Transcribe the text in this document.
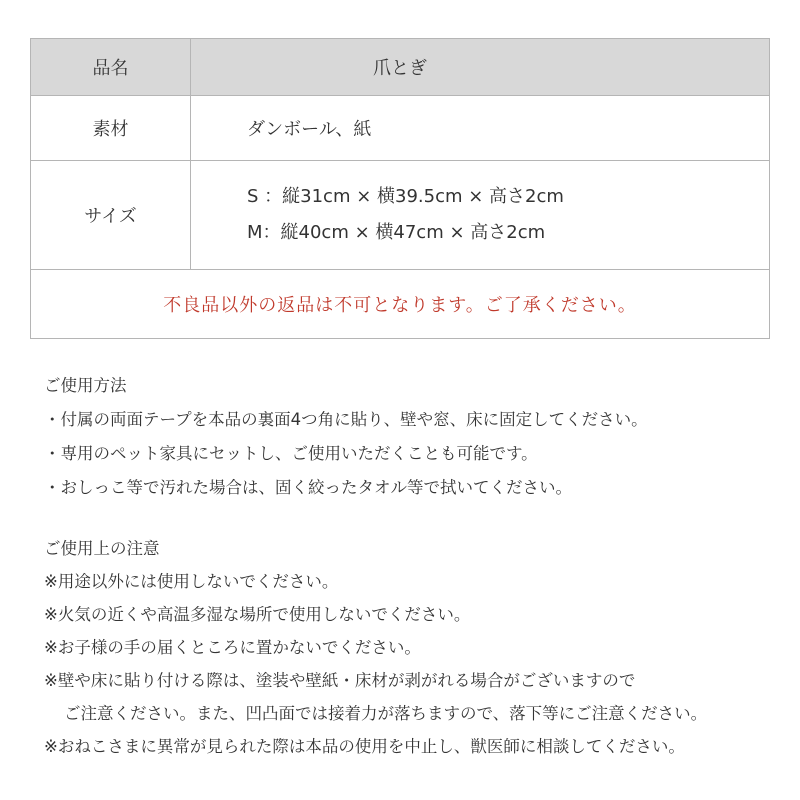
品名	爪とぎ
素材	ダンボール、紙
サイズ	S ：縦31cm × 横39.5cm × 高さ2cm
M：縦40cm × 横47cm × 高さ2cm

不良品以外の返品は不可となります。ご了承ください。	
ご使用方法
・付属の両面テープを本品の裏面4つ角に貼り、壁や窓、床に固定してください。
・専用のペット家具にセットし、ご使用いただくことも可能です。
・おしっこ等で汚れた場合は、固く絞ったタオル等で拭いてください。
ご使用上の注意
※用途以外には使用しないでください。
※火気の近くや高温多湿な場所で使用しないでください。
※お子様の手の届くところに置かないでください。
※壁や床に貼り付ける際は、塗装や壁紙・床材が剥がれる場合がございますので
ご注意ください。また、凹凸面では接着力が落ちますので、落下等にご注意ください。
※おねこさまに異常が見られた際は本品の使用を中止し、獣医師に相談してください。
